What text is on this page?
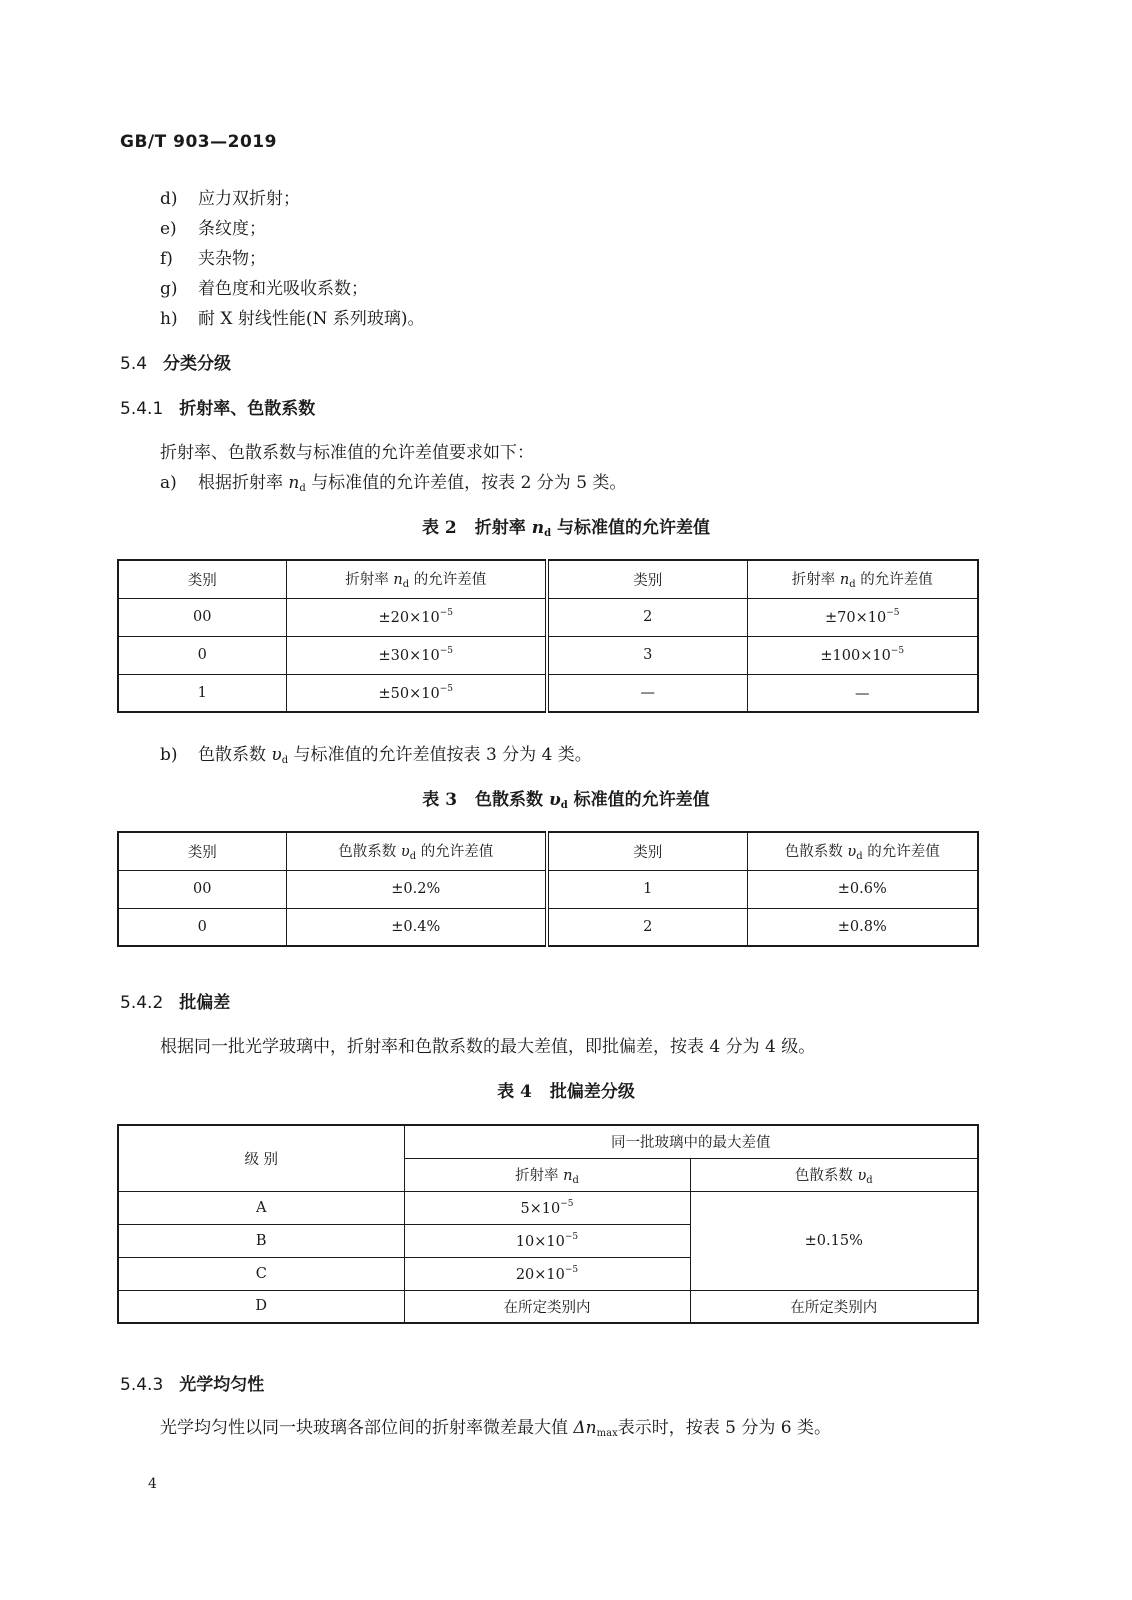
GB/T 903—2019
d) 应力双折射；
e) 条纹度；
f) 夹杂物；
g) 着色度和光吸收系数；
h) 耐 X 射线性能(N 系列玻璃)。
5.4 分类分级
5.4.1 折射率、色散系数
折射率、色散系数与标准值的允许差值要求如下：
a) 根据折射率 $n_d$ 与标准值的允许差值，按表 2 分为 5 类。
表 2 折射率 $n_d$ 与标准值的允许差值
类别	折射率 $n_d$ 的允许差值	类别	折射率 $n_d$ 的允许差值
00	$\pm 20\times 10^{-5}$	2	$\pm 70\times 10^{-5}$
0	$\pm 30\times 10^{-5}$	3	$\pm 100\times 10^{-5}$
1	$\pm 50\times 10^{-5}$	—	—
b) 色散系数 $\upsilon_d$ 与标准值的允许差值按表 3 分为 4 类。
表 3 色散系数 $\upsilon_d$ 标准值的允许差值
类别	色散系数 $\upsilon_d$ 的允许差值	类别	色散系数 $\upsilon_d$ 的允许差值
00	±0.2%	1	±0.6%
0	±0.4%	2	±0.8%
5.4.2 批偏差
根据同一批光学玻璃中，折射率和色散系数的最大差值，即批偏差，按表 4 分为 4 级。
表 4 批偏差分级
级 别	同一批玻璃中的最大差值	
	折射率 $n_d$	色散系数 $\upsilon_d$
A	$5\times 10^{-5}$	±0.15%
B	$10\times 10^{-5}$
C	$20\times 10^{-5}$
D	在所定类别内	在所定类别内
5.4.3 光学均匀性
光学均匀性以同一块玻璃各部位间的折射率微差最大值 $\Delta n_{max}$表示时，按表 5 分为 6 类。
4
